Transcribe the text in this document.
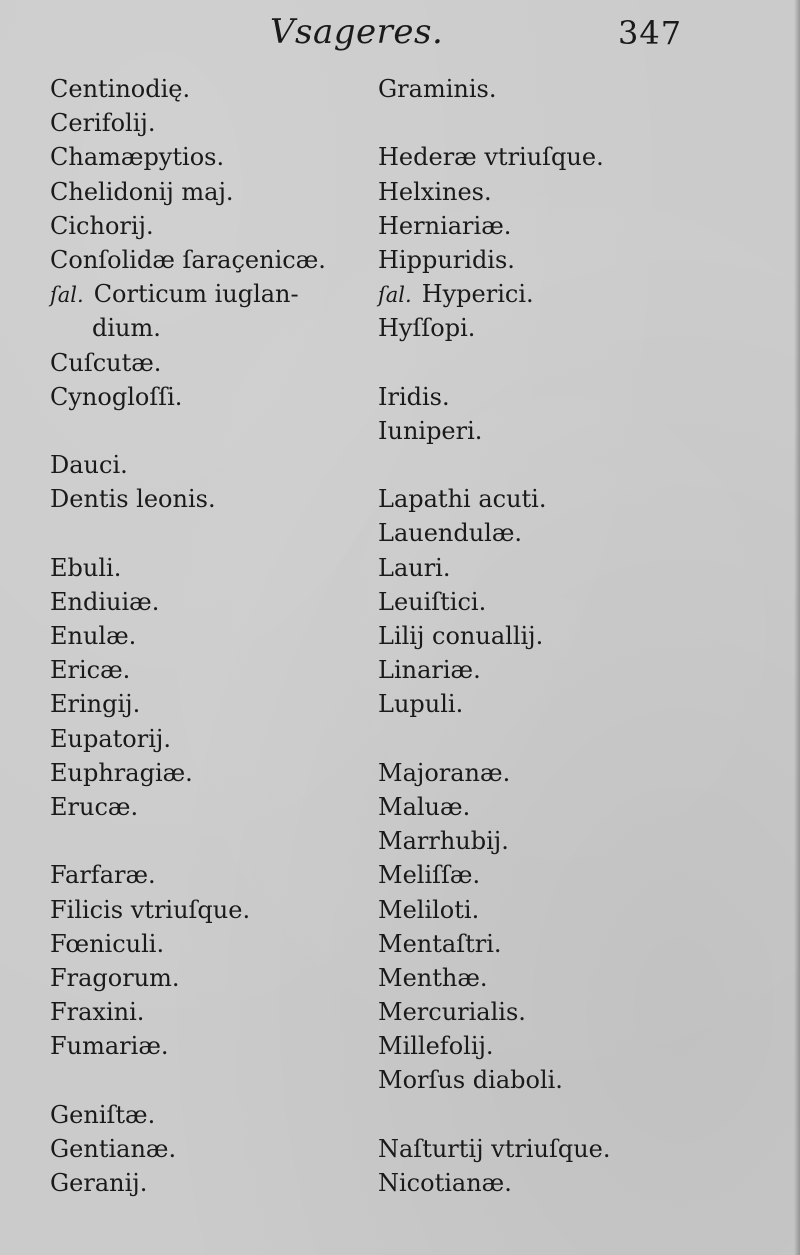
Vsageres.	347
Centinodię.
Cerifolij.
Chamæpytios.
Chelidonij maj.
Cichorij.
Conſolidæ ſaraçenicæ.
ſal. Corticum iuglan-
dium.
Cuſcutæ.
Cynogloſſi.
Dauci.
Dentis leonis.
Ebuli.
Endiuiæ.
Enulæ.
Ericæ.
Eringij.
Eupatorij.
Euphragiæ.
Erucæ.
Farfaræ.
Filicis vtriuſque.
Fœniculi.
Fragorum.
Fraxini.
Fumariæ.
Geniſtæ.
Gentianæ.
Geranij.
Graminis.
Hederæ vtriuſque.
Helxines.
Herniariæ.
Hippuridis.
ſal. Hyperici.
Hyſſopi.
Iridis.
Iuniperi.
Lapathi acuti.
Lauendulæ.
Lauri.
Leuiſtici.
Lilij conuallij.
Linariæ.
Lupuli.
Majoranæ.
Maluæ.
Marrhubij.
Meliſſæ.
Meliloti.
Mentaſtri.
Menthæ.
Mercurialis.
Millefolij.
Morſus diaboli.
Naſturtij vtriuſque.
Nicotianæ.
